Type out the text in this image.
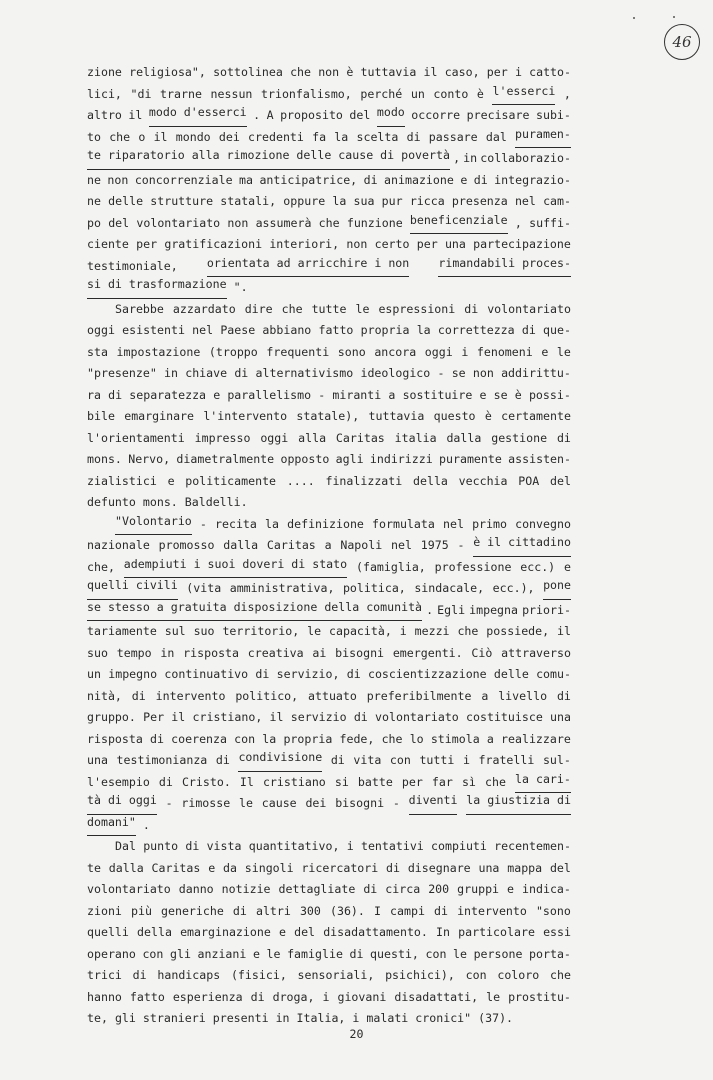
46
zione religiosa", sottolinea che non è tuttavia il caso, per i catto-
lici, "di trarne nessun trionfalismo, perché un conto è l'esserci ,
altro il modo d'esserci . A proposito del modo occorre precisare subi-
to che o il mondo dei credenti fa la scelta di passare dal puramen-
te riparatorio alla rimozione delle cause di povertà , in collaborazio-
ne non concorrenziale ma anticipatrice, di animazione e di integrazio-
ne delle strutture statali, oppure la sua pur ricca presenza nel cam-
po del volontariato non assumerà che funzione beneficenziale , suffi-
ciente per gratificazioni interiori, non certo per una partecipazione
testimoniale,	orientata ad arricchire i non	rimandabili proces-
si di trasformazione ".
Sarebbe azzardato dire che tutte le espressioni di volontariato
oggi esistenti nel Paese abbiano fatto propria la correttezza di que-
sta impostazione (troppo frequenti sono ancora oggi i fenomeni e le
"presenze" in chiave di alternativismo ideologico - se non addirittu-
ra di separatezza e parallelismo - miranti a sostituire e se è possi-
bile emarginare l'intervento statale), tuttavia questo è certamente
l'orientamenti impresso oggi alla Caritas italia dalla gestione di
mons. Nervo, diametralmente opposto agli indirizzi puramente assisten-
zialistici e politicamente .... finalizzati della vecchia POA del
defunto mons. Baldelli.
"Volontario - recita la definizione formulata nel primo convegno
nazionale promosso dalla Caritas a Napoli nel 1975 - è il cittadino
che, adempiuti i suoi doveri di stato (famiglia, professione ecc.) e
quelli civili (vita amministrativa, politica, sindacale, ecc.), pone
se stesso a gratuita disposizione della comunità . Egli impegna priori-
tariamente sul suo territorio, le capacità, i mezzi che possiede, il
suo tempo in risposta creativa ai bisogni emergenti. Ciò attraverso
un impegno continuativo di servizio, di coscientizzazione delle comu-
nità, di intervento politico, attuato preferibilmente a livello di
gruppo. Per il cristiano, il servizio di volontariato costituisce una
risposta di coerenza con la propria fede, che lo stimola a realizzare
una testimonianza di condivisione di vita con tutti i fratelli sul-
l'esempio di Cristo. Il cristiano si batte per far sì che la cari-
tà di oggi - rimosse le cause dei bisogni - diventi la giustizia di
domani" .
Dal punto di vista quantitativo, i tentativi compiuti recentemen-
te dalla Caritas e da singoli ricercatori di disegnare una mappa del
volontariato danno notizie dettagliate di circa 200 gruppi e indica-
zioni più generiche di altri 300 (36). I campi di intervento "sono
quelli della emarginazione e del disadattamento. In particolare essi
operano con gli anziani e le famiglie di questi, con le persone porta-
trici di handicaps (fisici, sensoriali, psichici), con coloro che
hanno fatto esperienza di droga, i giovani disadattati, le prostitu-
te, gli stranieri presenti in Italia, i malati cronici" (37).
20
